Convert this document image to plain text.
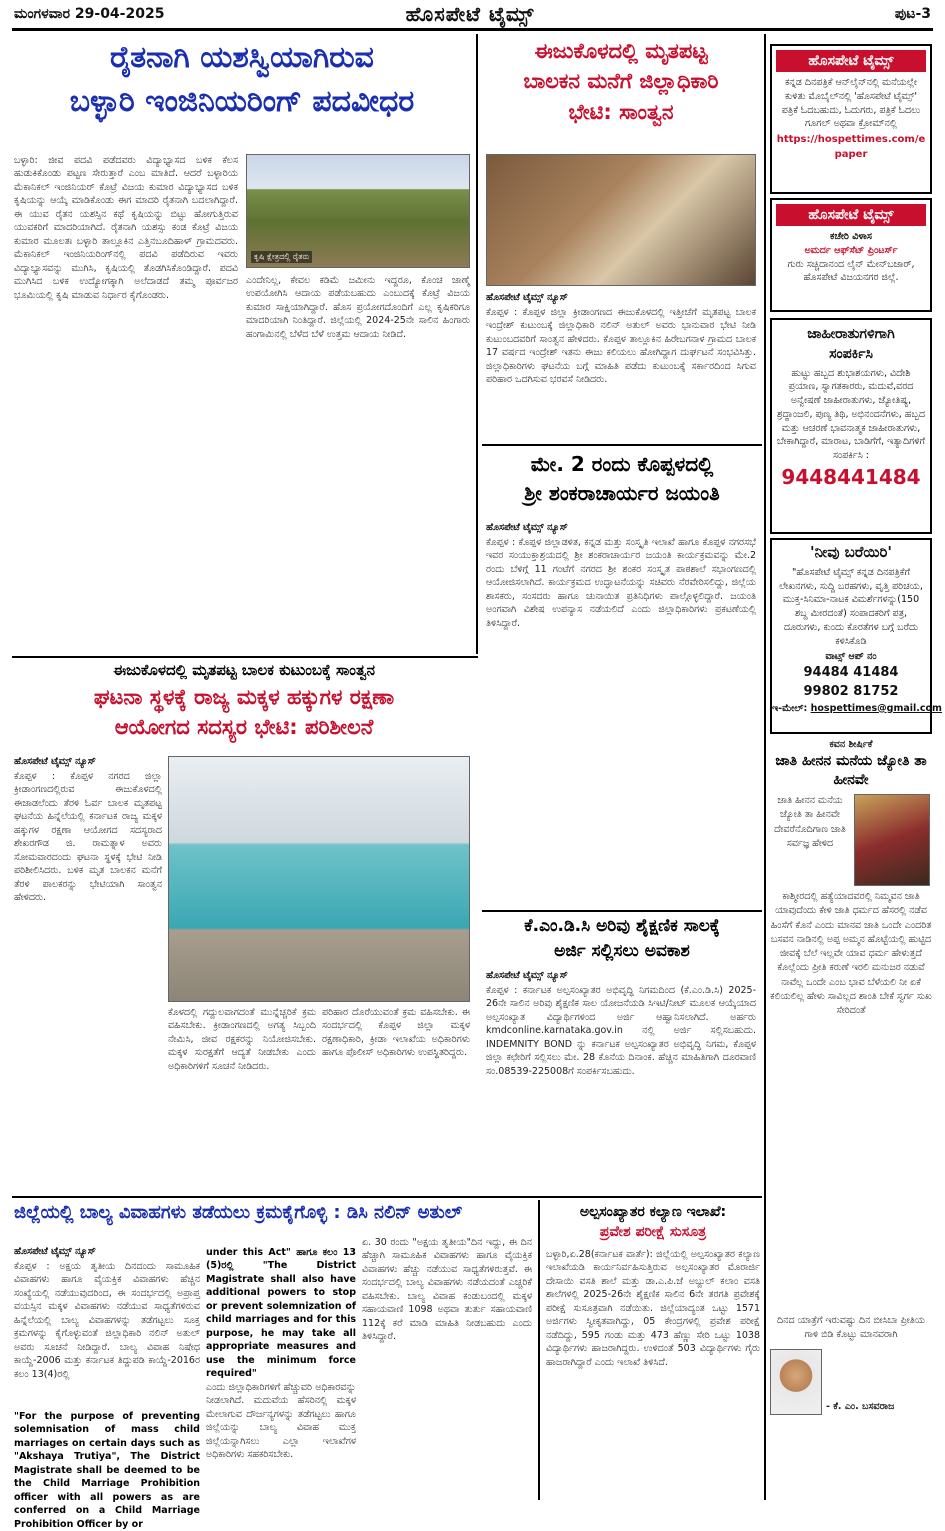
ಮಂಗಳವಾರ 29-04-2025	ಹೊಸಪೇಟೆ ಟೈಮ್ಸ್	ಪುಟ-3
ರೈತನಾಗಿ ಯಶಸ್ವಿಯಾಗಿರುವ
ಬಳ್ಳಾರಿ ಇಂಜಿನಿಯರಿಂಗ್ ಪದವೀಧರ
ಬಳ್ಳಾರಿ: ಜೀವ ಪದವಿ ಪಡೆದವರು ವಿದ್ಯಾಭ್ಯಾಸದ ಬಳಿಕ ಕೆಲಸ ಹುಡುಕಿಕೊಂಡು ಪಟ್ಟಣ ಸೇರುತ್ತಾರೆ ಎಂಬ ಮಾತಿದೆ. ಆದರೆ ಬಳ್ಳಾರಿಯ ಮೆಕಾನಿಕಲ್ ಇಂಜಿನಿಯರ್ ಕೊಟ್ರೆ ವಿಜಯ ಕುಮಾರ ವಿದ್ಯಾಭ್ಯಾಸದ ಬಳಿಕ ಕೃಷಿಯನ್ನು ಆಯ್ಕೆ ಮಾಡಿಕೊಂಡು ಈಗ ಮಾದರಿ ರೈತನಾಗಿ ಬದಲಾಗಿದ್ದಾರೆ. ಈ ಯುವ ರೈತನ ಯಶಸ್ಸಿನ ಕಥೆ ಕೃಷಿಯನ್ನು ಬಿಟ್ಟು ಹೋಗುತ್ತಿರುವ ಯುವಕರಿಗೆ ಮಾದರಿಯಾಗಿದೆ. ರೈತನಾಗಿ ಯಶಸ್ಸು ಕಂಡ ಕೊಟ್ರೆ ವಿಜಯ ಕುಮಾರ ಮೂಲತಃ ಬಳ್ಳಾರಿ ತಾಲ್ಲೂಕಿನ ಎತ್ತಿನಬೂದಿಹಾಳ್ ಗ್ರಾಮದವರು. ಮೆಕಾನಿಕಲ್ ಇಂಜಿನಿಯರಿಂಗ್‌ನಲ್ಲಿ ಪದವಿ ಪಡೆದಿರುವ ಇವರು ವಿದ್ಯಾಭ್ಯಾಸವನ್ನು ಮುಗಿಸಿ, ಕೃಷಿಯಲ್ಲಿ ತೊಡಗಿಸಿಕೊಂಡಿದ್ದಾರೆ. ಪದವಿ ಮುಗಿಸಿದ ಬಳಿಕ ಉದ್ಯೋಗಕ್ಕಾಗಿ ಅಲೆದಾಡದೆ ತಮ್ಮ ಪೂರ್ವಜರ ಭೂಮಿಯಲ್ಲಿ ಕೃಷಿ ಮಾಡುವ ನಿರ್ಧಾರ ಕೈಗೊಂಡರು.
ಕೃಷಿ ಕ್ಷೇತ್ರದಲ್ಲಿ ರೈತರು
ಎಂದೇನಿಲ್ಲ, ಕೇವಲ ಕಡಿಮೆ ಜಮೀನು ಇದ್ದರೂ, ಕೊಂಚ ಜಾಣ್ಮೆ ಉಪಯೋಗಿಸಿ ಆದಾಯ ಪಡೆಯಬಹುದು ಎಂಬುದಕ್ಕೆ ಕೊಟ್ರೆ ವಿಜಯ ಕುಮಾರ ಸಾಕ್ಷಿಯಾಗಿದ್ದಾರೆ. ಹೊಸ ಪ್ರಯೋಗದೊಂದಿಗೆ ಎಲ್ಲ ಕೃಷಿಕರಿಗೂ ಮಾದರಿಯಾಗಿ ನಿಂತಿದ್ದಾರೆ. ಜಿಲ್ಲೆಯಲ್ಲಿ 2024-25ನೇ ಸಾಲಿನ ಹಿಂಗಾರು ಹಂಗಾಮಿನಲ್ಲಿ ಬೆಳೆದ ಬೆಳೆ ಉತ್ತಮ ಆದಾಯ ನೀಡಿದೆ.
ಈಜುಕೊಳದಲ್ಲಿ ಮೃತಪಟ್ಟ
ಬಾಲಕನ ಮನೆಗೆ ಜಿಲ್ಲಾಧಿಕಾರಿ
ಭೇಟಿ: ಸಾಂತ್ವನ
ಹೊಸಪೇಟೆ ಟೈಮ್ಸ್ ನ್ಯೂಸ್
ಕೊಪ್ಪಳ : ಕೊಪ್ಪಳ ಜಿಲ್ಲಾ ಕ್ರೀಡಾಂಗಣದ ಈಜುಕೊಳದಲ್ಲಿ ಇತ್ತೀಚೆಗೆ ಮೃತಪಟ್ಟ ಬಾಲಕ ಇಂದ್ರೇಶ್ ಕುಟುಂಬಕ್ಕೆ ಜಿಲ್ಲಾಧಿಕಾರಿ ನಲಿನ್ ಅತುಲ್ ಅವರು ಭಾನುವಾರ ಭೇಟಿ ನೀಡಿ ಕುಟುಂಬದವರಿಗೆ ಸಾಂತ್ವನ ಹೇಳಿದರು. ಕೊಪ್ಪಳ ತಾಲ್ಲೂಕಿನ ಹಿರೇಬಗನಾಳ ಗ್ರಾಮದ ಬಾಲಕ 17 ವರ್ಷದ ಇಂದ್ರೇಶ್ ಇತನು ಈಜು ಕಲಿಯಲು ಹೋಗಿದ್ದಾಗ ದುರ್ಘಟನೆ ಸಂಭವಿಸಿತ್ತು. ಜಿಲ್ಲಾಧಿಕಾರಿಗಳು ಘಟನೆಯ ಬಗ್ಗೆ ಮಾಹಿತಿ ಪಡೆದು ಕುಟುಂಬಕ್ಕೆ ಸರ್ಕಾರದಿಂದ ಸಿಗುವ ಪರಿಹಾರ ಒದಗಿಸುವ ಭರವಸೆ ನೀಡಿದರು.
ಮೇ. 2 ರಂದು ಕೊಪ್ಪಳದಲ್ಲಿ
ಶ್ರೀ ಶಂಕರಾಚಾರ್ಯರ ಜಯಂತಿ
ಹೊಸಪೇಟೆ ಟೈಮ್ಸ್ ನ್ಯೂಸ್
ಕೊಪ್ಪಳ : ಕೊಪ್ಪಳ ಜಿಲ್ಲಾಡಳಿತ, ಕನ್ನಡ ಮತ್ತು ಸಂಸ್ಕೃತಿ ಇಲಾಖೆ ಹಾಗೂ ಕೊಪ್ಪಳ ನಗರಸಭೆ ಇವರ ಸಂಯುಕ್ತಾಶ್ರಯದಲ್ಲಿ ಶ್ರೀ ಶಂಕರಾಚಾರ್ಯರ ಜಯಂತಿ ಕಾರ್ಯಕ್ರಮವನ್ನು ಮೇ.2 ರಂದು ಬೆಳಿಗ್ಗೆ 11 ಗಂಟೆಗೆ ನಗರದ ಶ್ರೀ ಶಂಕರ ಸಂಸ್ಕೃತ ಪಾಠಶಾಲೆ ಸಭಾಂಗಣದಲ್ಲಿ ಆಯೋಜಿಸಲಾಗಿದೆ. ಕಾರ್ಯಕ್ರಮದ ಉದ್ಘಾಟನೆಯನ್ನು ಸಚಿವರು ನೆರವೇರಿಸಲಿದ್ದು, ಜಿಲ್ಲೆಯ ಶಾಸಕರು, ಸಂಸದರು ಹಾಗೂ ಚುನಾಯಿತ ಪ್ರತಿನಿಧಿಗಳು ಪಾಲ್ಗೊಳ್ಳಲಿದ್ದಾರೆ. ಜಯಂತಿ ಅಂಗವಾಗಿ ವಿಶೇಷ ಉಪನ್ಯಾಸ ನಡೆಯಲಿದೆ ಎಂದು ಜಿಲ್ಲಾಧಿಕಾರಿಗಳು ಪ್ರಕಟಣೆಯಲ್ಲಿ ತಿಳಿಸಿದ್ದಾರೆ.
ಈಜುಕೊಳದಲ್ಲಿ ಮೃತಪಟ್ಟ ಬಾಲಕ ಕುಟುಂಬಕ್ಕೆ ಸಾಂತ್ವನ
ಘಟನಾ ಸ್ಥಳಕ್ಕೆ ರಾಜ್ಯ ಮಕ್ಕಳ ಹಕ್ಕುಗಳ ರಕ್ಷಣಾ
ಆಯೋಗದ ಸದಸ್ಯರ ಭೇಟಿ: ಪರಿಶೀಲನೆ
ಹೊಸಪೇಟೆ ಟೈಮ್ಸ್ ನ್ಯೂಸ್
ಕೊಪ್ಪಳ : ಕೊಪ್ಪಳ ನಗರದ ಜಿಲ್ಲಾ ಕ್ರೀಡಾಂಗಣದಲ್ಲಿರುವ ಈಜುಕೊಳದಲ್ಲಿ ಈಜಾಡಲೆಂದು ತೆರಳಿ ಓರ್ವ ಬಾಲಕ ಮೃತಪಟ್ಟ ಘಟನೆಯ ಹಿನ್ನೆಲೆಯಲ್ಲಿ ಕರ್ನಾಟಕ ರಾಜ್ಯ ಮಕ್ಕಳ ಹಕ್ಕುಗಳ ರಕ್ಷಣಾ ಆಯೋಗದ ಸದಸ್ಯರಾದ ಶೇಖರಗೌಡ ಜಿ. ರಾಮತ್ನಾಳ ಅವರು ಸೋಮವಾರದಂದು ಘಟನಾ ಸ್ಥಳಕ್ಕೆ ಭೇಟಿ ನೀಡಿ ಪರಿಶೀಲಿಸಿದರು. ಬಳಿಕ ಮೃತ ಬಾಲಕನ ಮನೆಗೆ ತೆರಳಿ ಪಾಲಕರನ್ನು ಭೇಟಿಯಾಗಿ ಸಾಂತ್ವನ ಹೇಳಿದರು.
ಕೊಳದಲ್ಲಿ ಗದ್ದುಲವಾಗದಂತೆ ಮುನ್ನೆಚ್ಚರಿಕೆ ಕ್ರಮ ವಹಿಸಬೇಕು. ಕ್ರೀಡಾಂಗಣದಲ್ಲಿ ಅಗತ್ಯ ಸಿಬ್ಬಂದಿ ನೇಮಿಸಿ, ಜೀವ ರಕ್ಷಕರನ್ನು ನಿಯೋಜಿಸಬೇಕು. ಮಕ್ಕಳ ಸುರಕ್ಷತೆಗೆ ಆದ್ಯತೆ ನೀಡಬೇಕು ಎಂದು ಅಧಿಕಾರಿಗಳಿಗೆ ಸೂಚನೆ ನೀಡಿದರು.
ಪರಿಹಾರ ದೊರೆಯುವಂತೆ ಕ್ರಮ ವಹಿಸಬೇಕು. ಈ ಸಂದರ್ಭದಲ್ಲಿ ಕೊಪ್ಪಳ ಜಿಲ್ಲಾ ಮಕ್ಕಳ ರಕ್ಷಣಾಧಿಕಾರಿ, ಕ್ರೀಡಾ ಇಲಾಖೆಯ ಅಧಿಕಾರಿಗಳು ಹಾಗೂ ಪೊಲೀಸ್ ಅಧಿಕಾರಿಗಳು ಉಪಸ್ಥಿತರಿದ್ದರು.
ಕೆ.ಎಂ.ಡಿ.ಸಿ ಅರಿವು ಶೈಕ್ಷಣಿಕ ಸಾಲಕ್ಕೆ
ಅರ್ಜಿ ಸಲ್ಲಿಸಲು ಅವಕಾಶ
ಹೊಸಪೇಟೆ ಟೈಮ್ಸ್ ನ್ಯೂಸ್
ಕೊಪ್ಪಳ : ಕರ್ನಾಟಕ ಅಲ್ಪಸಂಖ್ಯಾತರ ಅಭಿವೃದ್ಧಿ ನಿಗಮದಿಂದ (ಕೆ.ಎಂ.ಡಿ.ಸಿ) 2025-26ನೇ ಸಾಲಿನ ಅರಿವು ಶೈಕ್ಷಣಿಕ ಸಾಲ ಯೋಜನೆಯಡಿ ಸಿಇಟಿ/ನೀಟ್ ಮೂಲಕ ಆಯ್ಕೆಯಾದ ಅಲ್ಪಸಂಖ್ಯಾತ ವಿದ್ಯಾರ್ಥಿಗಳಿಂದ ಅರ್ಜಿ ಆಹ್ವಾನಿಸಲಾಗಿದೆ. ಅರ್ಹರು kmdconline.karnataka.gov.in ನಲ್ಲಿ ಅರ್ಜಿ ಸಲ್ಲಿಸಬಹುದು. INDEMNITY BOND ನ್ನು ಕರ್ನಾಟಕ ಅಲ್ಪಸಂಖ್ಯಾತರ ಅಭಿವೃದ್ಧಿ ನಿಗಮ, ಕೊಪ್ಪಳ ಜಿಲ್ಲಾ ಕಛೇರಿಗೆ ಸಲ್ಲಿಸಲು ಮೇ. 28 ಕೊನೆಯ ದಿನಾಂಕ. ಹೆಚ್ಚಿನ ಮಾಹಿತಿಗಾಗಿ ದೂರವಾಣಿ ಸಂ.08539-225008ಗೆ ಸಂಪರ್ಕಿಸಬಹುದು.
ಜಿಲ್ಲೆಯಲ್ಲಿ ಬಾಲ್ಯ ವಿವಾಹಗಳು ತಡೆಯಲು ಕ್ರಮಕೈಗೊಳ್ಳಿ : ಡಿಸಿ ನಲಿನ್ ಅತುಲ್
ಹೊಸಪೇಟೆ ಟೈಮ್ಸ್ ನ್ಯೂಸ್
ಕೊಪ್ಪಳ : ಅಕ್ಷಯ ತೃತೀಯ ದಿನದಂದು ಸಾಮೂಹಿಕ ವಿವಾಹಗಳು ಹಾಗೂ ವೈಯಕ್ತಿಕ ವಿವಾಹಗಳು ಹೆಚ್ಚಿನ ಸಂಖ್ಯೆಯಲ್ಲಿ ನಡೆಯುವುದರಿಂದ, ಈ ಸಂದರ್ಭದಲ್ಲಿ ಅಪ್ರಾಪ್ತ ವಯಸ್ಸಿನ ಮಕ್ಕಳ ವಿವಾಹಗಳು ನಡೆಯುವ ಸಾಧ್ಯತೆಗಳಿರುವ ಹಿನ್ನೆಲೆಯಲ್ಲಿ ಬಾಲ್ಯ ವಿವಾಹಗಳನ್ನು ತಡೆಗಟ್ಟಲು ಸೂಕ್ತ ಕ್ರಮಗಳನ್ನು ಕೈಗೊಳ್ಳುವಂತೆ ಜಿಲ್ಲಾಧಿಕಾರಿ ನಲಿನ್ ಅತುಲ್ ಅವರು ಸೂಚನೆ ನೀಡಿದ್ದಾರೆ. ಬಾಲ್ಯ ವಿವಾಹ ನಿಷೇಧ ಕಾಯ್ದೆ-2006 ಮತ್ತು ಕರ್ನಾಟಕ ತಿದ್ದುಪಡಿ ಕಾಯ್ದೆ-2016ರ ಕಲಂ 13(4)ರಲ್ಲಿ
"For the purpose of preventing solemnisation of mass child marriages on certain days such as "Akshaya Trutiya", The District Magistrate shall be deemed to be the Child Marriage Prohibition officer with all powers as are conferred on a Child Marriage Prohibition Officer by or
under this Act" ಹಾಗೂ ಕಲಂ 13 (5)ರಲ್ಲಿ "The District Magistrate shall also have additional powers to stop or prevent solemnization of child marriages and for this purpose, he may take all appropriate measures and use the minimum force required"
ಎಂದು ಜಿಲ್ಲಾಧಿಕಾರಿಗಳಿಗೆ ಹೆಚ್ಚುವರಿ ಅಧಿಕಾರವನ್ನು ನೀಡಲಾಗಿದೆ. ಮದುವೆಯ ಹೆಸರಿನಲ್ಲಿ ಮಕ್ಕಳ ಮೇಲಾಗುವ ದೌರ್ಜನ್ಯಗಳನ್ನು ತಡೆಗಟ್ಟಲು ಹಾಗೂ ಜಿಲ್ಲೆಯನ್ನು ಬಾಲ್ಯ ವಿವಾಹ ಮುಕ್ತ ಜಿಲ್ಲೆಯನ್ನಾಗಿಸಲು ಎಲ್ಲಾ ಇಲಾಖೆಗಳ ಅಧಿಕಾರಿಗಳು ಸಹಕರಿಸಬೇಕು.
ಏ. 30 ರಂದು "ಅಕ್ಷಯ ತೃತೀಯ"ದಿನ ಇದ್ದು, ಈ ದಿನ ಹೆಚ್ಚಾಗಿ ಸಾಮೂಹಿಕ ವಿವಾಹಗಳು ಹಾಗೂ ವೈಯಕ್ತಿಕ ವಿವಾಹಗಳು ಹೆಚ್ಚು ನಡೆಯುವ ಸಾಧ್ಯತೆಗಳಿರುತ್ತವೆ. ಈ ಸಂದರ್ಭದಲ್ಲಿ ಬಾಲ್ಯ ವಿವಾಹಗಳು ನಡೆಯದಂತೆ ಎಚ್ಚರಿಕೆ ವಹಿಸಬೇಕು. ಬಾಲ್ಯ ವಿವಾಹ ಕಂಡುಬಂದಲ್ಲಿ ಮಕ್ಕಳ ಸಹಾಯವಾಣಿ 1098 ಅಥವಾ ತುರ್ತು ಸಹಾಯವಾಣಿ 112ಕ್ಕೆ ಕರೆ ಮಾಡಿ ಮಾಹಿತಿ ನೀಡಬಹುದು ಎಂದು ತಿಳಿಸಿದ್ದಾರೆ.
ಅಲ್ಪಸಂಖ್ಯಾತರ ಕಲ್ಯಾಣ ಇಲಾಖೆ:
ಪ್ರವೇಶ ಪರೀಕ್ಷೆ ಸುಸೂತ್ರ
ಬಳ್ಳಾರಿ,ಏ.28(ಕರ್ನಾಟಕ ವಾರ್ತೆ): ಜಿಲ್ಲೆಯಲ್ಲಿ ಅಲ್ಪಸಂಖ್ಯಾತರ ಕಲ್ಯಾಣ ಇಲಾಖೆಯಡಿ ಕಾರ್ಯನಿರ್ವಹಿಸುತ್ತಿರುವ ಅಲ್ಪಸಂಖ್ಯಾತರ ಮೊರಾರ್ಜಿ ದೇಸಾಯಿ ವಸತಿ ಶಾಲೆ ಮತ್ತು ಡಾ.ಎ.ಪಿ.ಜೆ ಅಬ್ದುಲ್ ಕಲಾಂ ವಸತಿ ಶಾಲೆಗಳಲ್ಲಿ 2025-26ನೇ ಶೈಕ್ಷಣಿಕ ಸಾಲಿನ 6ನೇ ತರಗತಿ ಪ್ರವೇಶಕ್ಕೆ ಪರೀಕ್ಷೆ ಸುಸೂತ್ರವಾಗಿ ನಡೆಯಿತು. ಜಿಲ್ಲೆಯಾದ್ಯಂತ ಒಟ್ಟು 1571 ಅರ್ಜಿಗಳು ಸ್ವೀಕೃತವಾಗಿದ್ದು, 05 ಕೇಂದ್ರಗಳಲ್ಲಿ ಪ್ರವೇಶ ಪರೀಕ್ಷೆ ನಡೆದಿದ್ದು, 595 ಗಂಡು ಮತ್ತು 473 ಹೆಣ್ಣು ಸೇರಿ ಒಟ್ಟು 1038 ವಿದ್ಯಾರ್ಥಿಗಳು ಹಾಜರಾಗಿದ್ದರು. ಉಳಿದಂತೆ 503 ವಿದ್ಯಾರ್ಥಿಗಳು ಗೈರು ಹಾಜರಾಗಿದ್ದಾರೆ ಎಂದು ಇಲಾಖೆ ತಿಳಿಸಿದೆ.
ಹೊಸಪೇಟೆ ಟೈಮ್ಸ್
ಕನ್ನಡ ದಿನಪತ್ರಿಕೆ ಆನ್‌ಲೈನ್‌ನಲ್ಲಿ ಮನೆಯಲ್ಲೇ ಕುಳಿತು ಮೊಬೈಲ್‌ನಲ್ಲಿ 'ಹೊಸಪೇಟೆ ಟೈಮ್ಸ್' ಪತ್ರಿಕೆ ಓದಬಹುದು, ಓದುಗರು, ಪತ್ರಿಕೆ ಓದಲು ಗೂಗಲ್ ಅಥವಾ ಕ್ರೋಮ್‌ನಲ್ಲಿ
https://hospettimes.com/epaper
ಹೊಸಪೇಟೆ ಟೈಮ್ಸ್
ಕಚೇರಿ ವಿಳಾಸ
ಅಮರ್ದ ಆಫ್‌ಸೆಟ್ ಪ್ರಿಂಟರ್ಸ್
ಗುರು ಸಚ್ಚಿದಾನಂದ ಲೈನ್ ಮೇನ್‌ಬಜಾರ್, ಹೊಸಪೇಟೆ ವಿಜಯನಗರ ಜಿಲ್ಲೆ.
ಜಾಹೀರಾತುಗಳಿಗಾಗಿ
ಸಂಪರ್ಕಿಸಿ
ಹುಟ್ಟು ಹಬ್ಬದ ಶುಭಾಶಯಗಳು, ವಿದೇಶಿ ಪ್ರಯಾಣ, ಸ್ವಾಗತಕಾರರು, ಮದುವೆ,ವರದ ಅನ್ವೇಷಣೆ ಜಾಹೀರಾತುಗಳು, ಜ್ಯೋತಿಷ್ಯ, ಶ್ರದ್ಧಾಂಜಲಿ, ಪುಣ್ಯ ತಿಥಿ, ಅಭಿನಂದನೆಗಳು, ಹಬ್ಬದ ಮತ್ತು ಆಚರಣೆ ಭಾವನಾತ್ಮಕ ಜಾಹೀರಾತುಗಳು, ಬೇಕಾಗಿದ್ದಾರೆ, ಮಾರಾಟ, ಬಾಡಿಗೆಗೆ, ಇತ್ಯಾದಿಗಳಿಗೆ ಸಂಪರ್ಕಿಸಿ :
9448441484
'ನೀವು ಬರೆಯಿರಿ'
"ಹೊಸಪೇಟೆ ಟೈಮ್ಸ್ ಕನ್ನಡ ದಿನಪತ್ರಿಕೆಗೆ ಲೇಖನಗಳು, ಸುದ್ದಿ ಬರಹಗಳು, ವೃತ್ತಿ ಪರಿಚಯ, ಮುಕ್ತ-ಸಿನಿಮಾ-ನಾಟಕ ವಿಮರ್ಶೆಗಳನ್ನು(150 ಶಬ್ದ ಮೀರದಂತೆ) ಸಂಪಾದಕರಿಗೆ ಪತ್ರ, ದೂರುಗಳು, ಕುಂದು ಕೊರತೆಗಳ ಬಗ್ಗೆ ಬರೆದು ಕಳಿಸಿಕೊಡಿ
ವಾಟ್ಸ್ ಆಪ್ ನಂ
94484 41484
99802 81752
ಇ-ಮೇಲ್: hospettimes@gmail.com
ಕವನ ಶೀರ್ಷಿಕೆ
ಜಾತಿ ಹೀನನ ಮನೆಯ ಜ್ಯೋತಿ ತಾ ಹೀನವೇ
ಜಾತಿ ಹೀನನ ಮನೆಯ ಜ್ಯೋತಿ ತಾ ಹೀನವೇ ದೇವರೆನೊದಿಗಾಣ ಜಾತಿ ಸರ್ವಜ್ಞ ಹೇಳಿದ
ಕಾಶ್ಮೀರದಲ್ಲಿ ಹತ್ಯೆಯಾದವರಲ್ಲಿ ನಿಮ್ಮವನ ಜಾತಿ ಯಾವುದೆಂದು ಕೇಳಿ ಜಾತಿ ಧರ್ಮದ ಹೆಸರಲ್ಲಿ ನಡೆವ ಹಿಂಸೆಗೆ ಕೊನೆ ಎಂದು ಮಾನವ ಜಾತಿ ಒಂದೇ ಎಂದರಿತ ಬಸವನ ನಾಡಿನಲ್ಲಿ ಅಪ್ಪ ಅಮ್ಮನ ಹೊಟ್ಟೆಯಲ್ಲಿ ಹುಟ್ಟಿದ ಜೀವಕ್ಕೆ ಬೆಲೆ ಇಲ್ಲವೇ ಯಾವ ಧರ್ಮ ಹೇಳುತ್ತದೆ ಕೊಲ್ಲೆಂದು ಪ್ರೀತಿ ಕರುಣೆ ಇರಲಿ ಮನುಜರ ನಡುವೆ ನಾವೆಲ್ಲ ಒಂದೇ ಎಂಬ ಭಾವ ಬೆಳೆಯಲಿ ನೀ ಏಕೆ ಕಲಿಯಲಿಲ್ಲ ಹೇಳು ಸಾವಿಲ್ಲದ ಶಾಂತಿ ಬೇಕೆ ಸ್ವರ್ಗ ಸುಖ ಸೇರಿದಂತೆ
ದಿನದ ಯಾತ್ರೆಗೆ ಇರುವಷ್ಟು ದಿನ ಬೀಸಿಬಾ ಪ್ರೀತಿಯ ಗಾಳಿ ಬಿಡಿ ಕೊಟ್ಟು ಮಾನವರಾಗಿ
- ಕೆ. ಎಂ. ಬಸವರಾಜ
